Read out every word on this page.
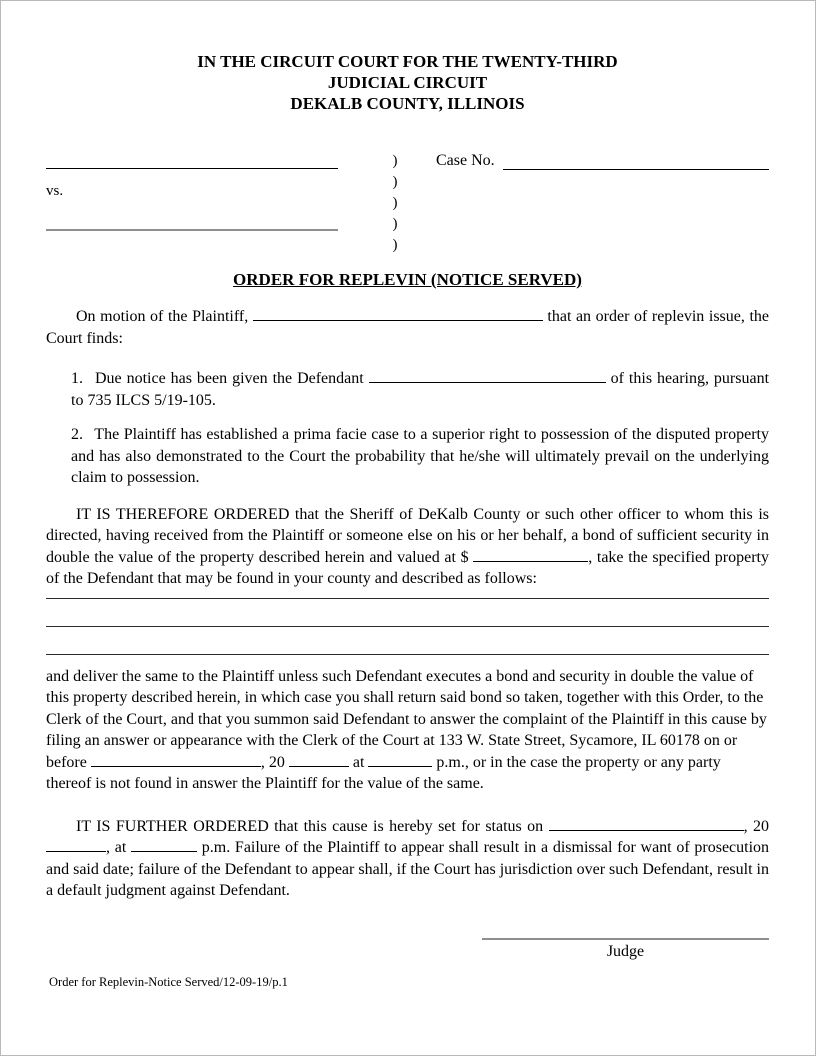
IN THE CIRCUIT COURT FOR THE TWENTY-THIRD
JUDICIAL CIRCUIT
DEKALB COUNTY, ILLINOIS
vs.
)
)
)
)
)
Case No.
ORDER FOR REPLEVIN (NOTICE SERVED)

On motion of the Plaintiff,	that an order of replevin issue, the Court finds:

1. Due notice has been given the Defendant	of this hearing, pursuant to 735 ILCS 5/19-105.

2. The Plaintiff has established a prima facie case to a superior right to possession of the disputed property and has also demonstrated to the Court the probability that he/she will ultimately prevail on the underlying claim to possession.

IT IS THEREFORE ORDERED that the Sheriff of DeKalb County or such other officer to whom this is directed, having received from the Plaintiff or someone else on his or her behalf, a bond of sufficient security in double the value of the property described herein and valued at $	, take the specified property of the Defendant that may be found in your county and described as follows:

and deliver the same to the Plaintiff unless such Defendant executes a bond and security in double the value of this property described herein, in which case you shall return said bond so taken, together with this Order, to the Clerk of the Court, and that you summon said Defendant to answer the complaint of the Plaintiff in this cause by filing an answer or appearance with the Clerk of the Court at 133 W. State Street, Sycamore, IL 60178 on or before	, 20	at	p.m., or in the case the property or any party thereof is not found in answer the Plaintiff for the value of the same.

IT IS FURTHER ORDERED that this cause is hereby set for status on	, 20 , at	p.m. Failure of the Plaintiff to appear shall result in a dismissal for want of prosecution and said date; failure of the Defendant to appear shall, if the Court has jurisdiction over such Defendant, result in a default judgment against Defendant.

Judge
Order for Replevin-Notice Served/12-09-19/p.1
